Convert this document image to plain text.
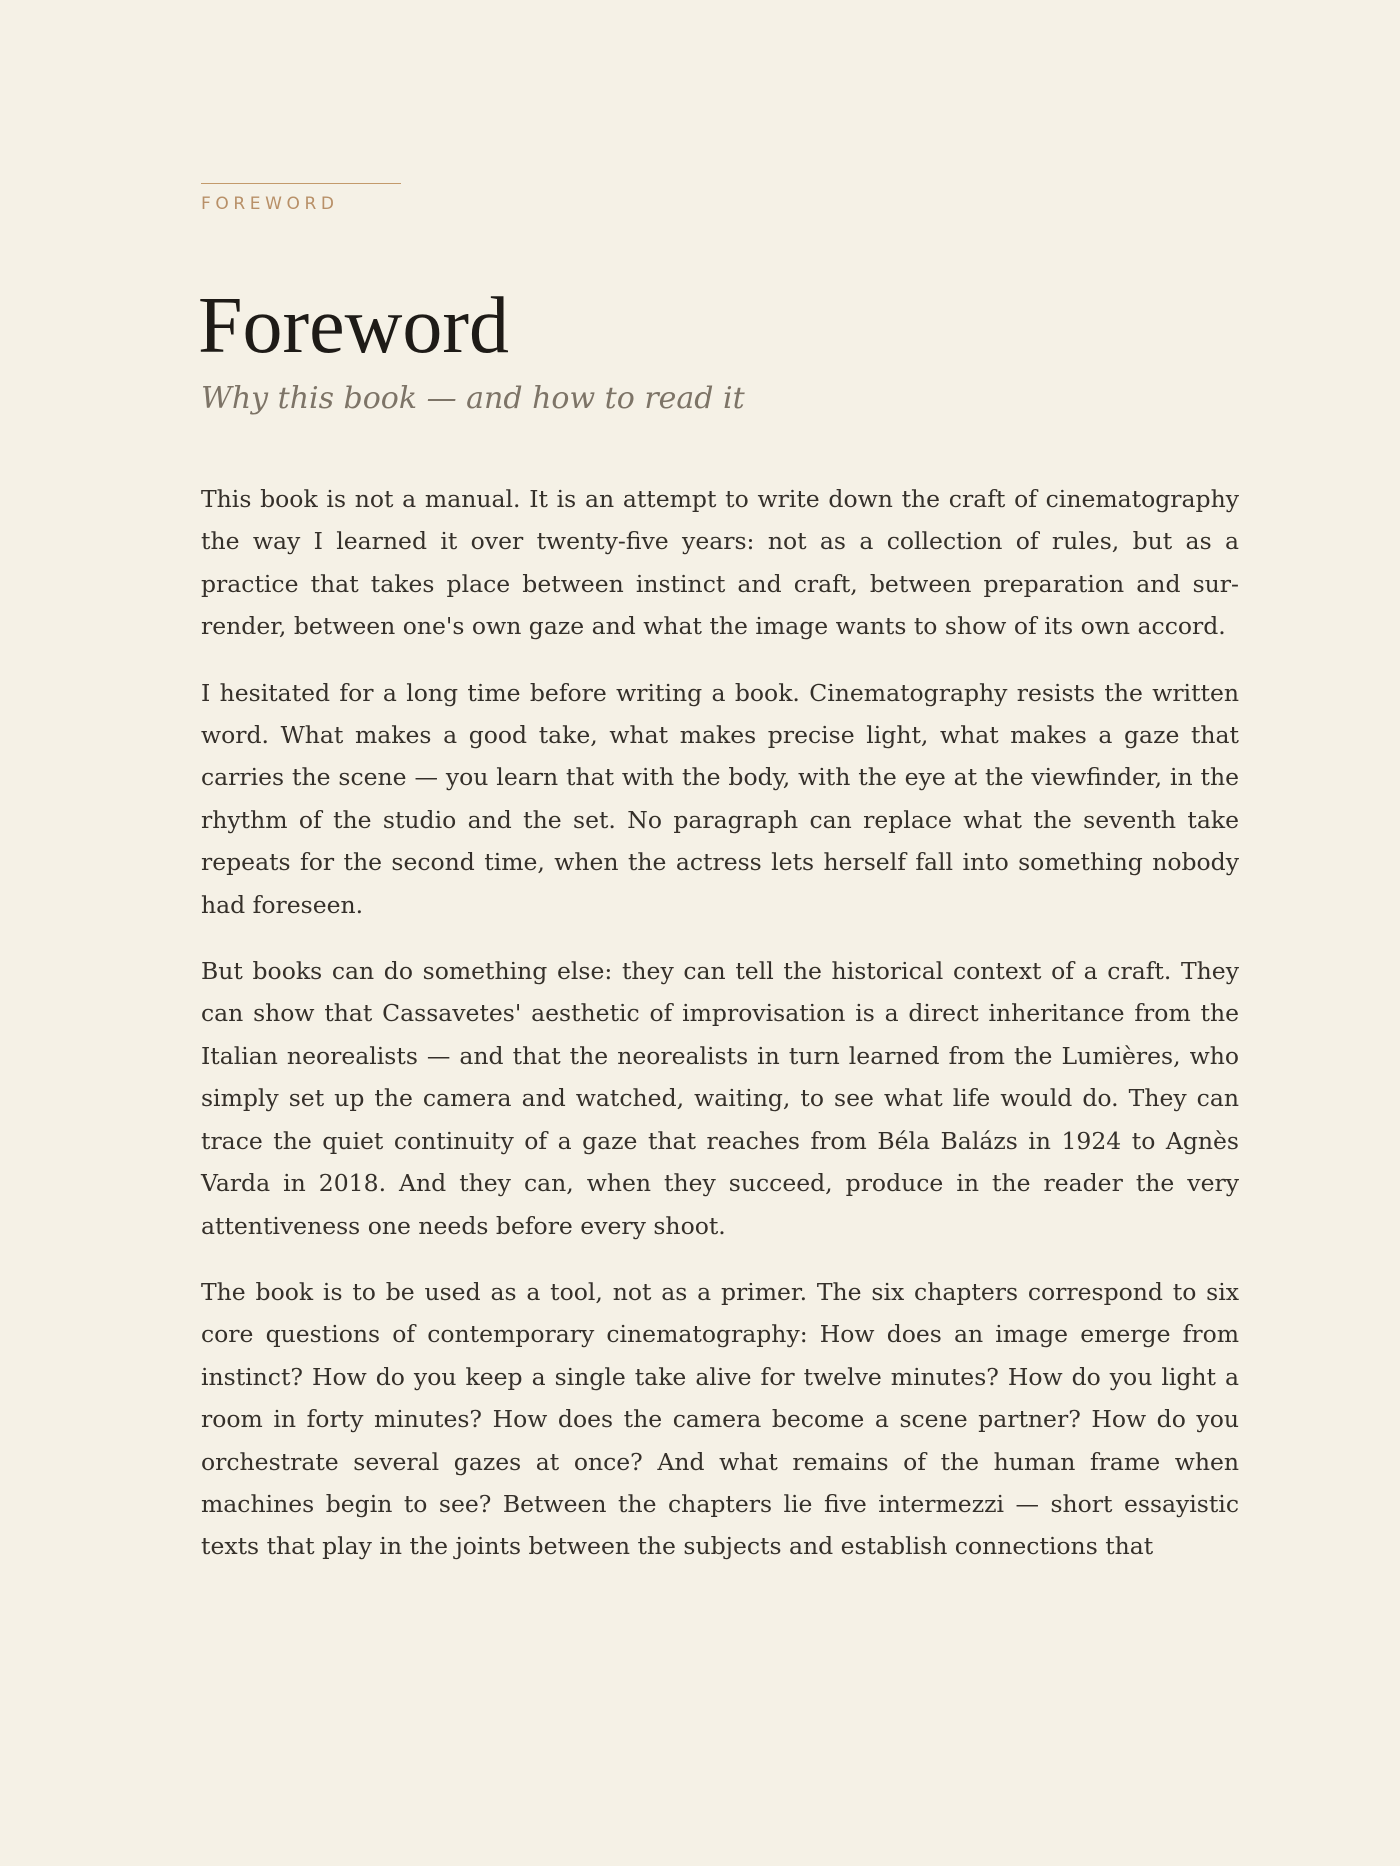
FOREWORD
Foreword
Why this book — and how to read it

This book is not a manual. It is an attempt to write down the craft of cinematography the way I learned it over twenty-five years: not as a collection of rules, but as a practice that takes place between instinct and craft, between preparation and surrender, between one's own gaze and what the image wants to show of its own accord.

I hesitated for a long time before writing a book. Cinematography resists the written word. What makes a good take, what makes precise light, what makes a gaze that carries the scene — you learn that with the body, with the eye at the viewfinder, in the rhythm of the studio and the set. No paragraph can replace what the seventh take repeats for the second time, when the actress lets herself fall into something nobody had foreseen.

But books can do something else: they can tell the historical context of a craft. They can show that Cassavetes' aesthetic of improvisation is a direct inheritance from the Italian neorealists — and that the neorealists in turn learned from the Lumières, who simply set up the camera and watched, waiting, to see what life would do. They can trace the quiet continuity of a gaze that reaches from Béla Balázs in 1924 to Agnès Varda in 2018. And they can, when they succeed, produce in the reader the very attentiveness one needs before every shoot.

The book is to be used as a tool, not as a primer. The six chapters correspond to six core questions of contemporary cinematography: How does an image emerge from instinct? How do you keep a single take alive for twelve minutes? How do you light a room in forty minutes? How does the camera become a scene partner? How do you orchestrate several gazes at once? And what remains of the human frame when machines begin to see? Between the chapters lie five intermezzi — short essayistic texts that play in the joints between the subjects and establish connections that
